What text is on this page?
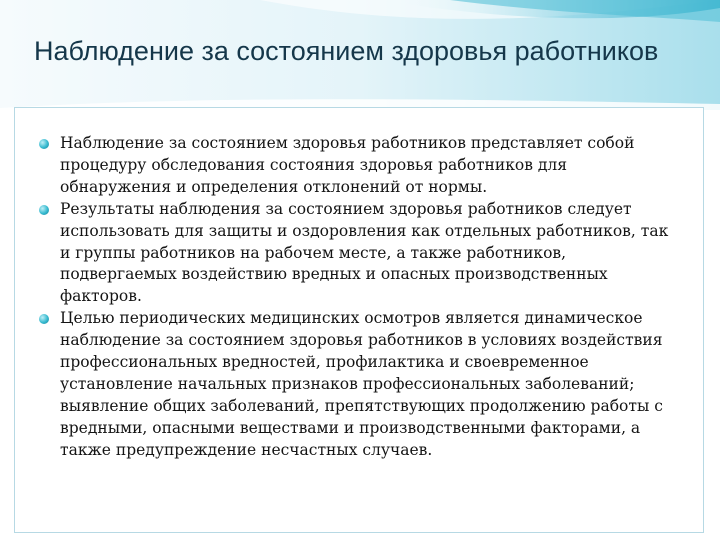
Наблюдение за состоянием здоровья работников
Наблюдение за состоянием здоровья работников представляет собой процедуру обследования состояния здоровья работников для обнаружения и определения отклонений от нормы.
Результаты наблюдения за состоянием здоровья работников следует использовать для защиты и оздоровления как отдельных работников, так и группы работников на рабочем месте, а также работников, подвергаемых воздействию вредных и опасных производственных факторов.
Целью периодических медицинских осмотров является динамическое наблюдение за состоянием здоровья работников в условиях воздействия профессиональных вредностей, профилактика и своевременное установление начальных признаков профессиональных заболеваний; выявление общих заболеваний, препятствующих продолжению работы с вредными, опасными веществами и производственными факторами, а также предупреждение несчастных случаев.
